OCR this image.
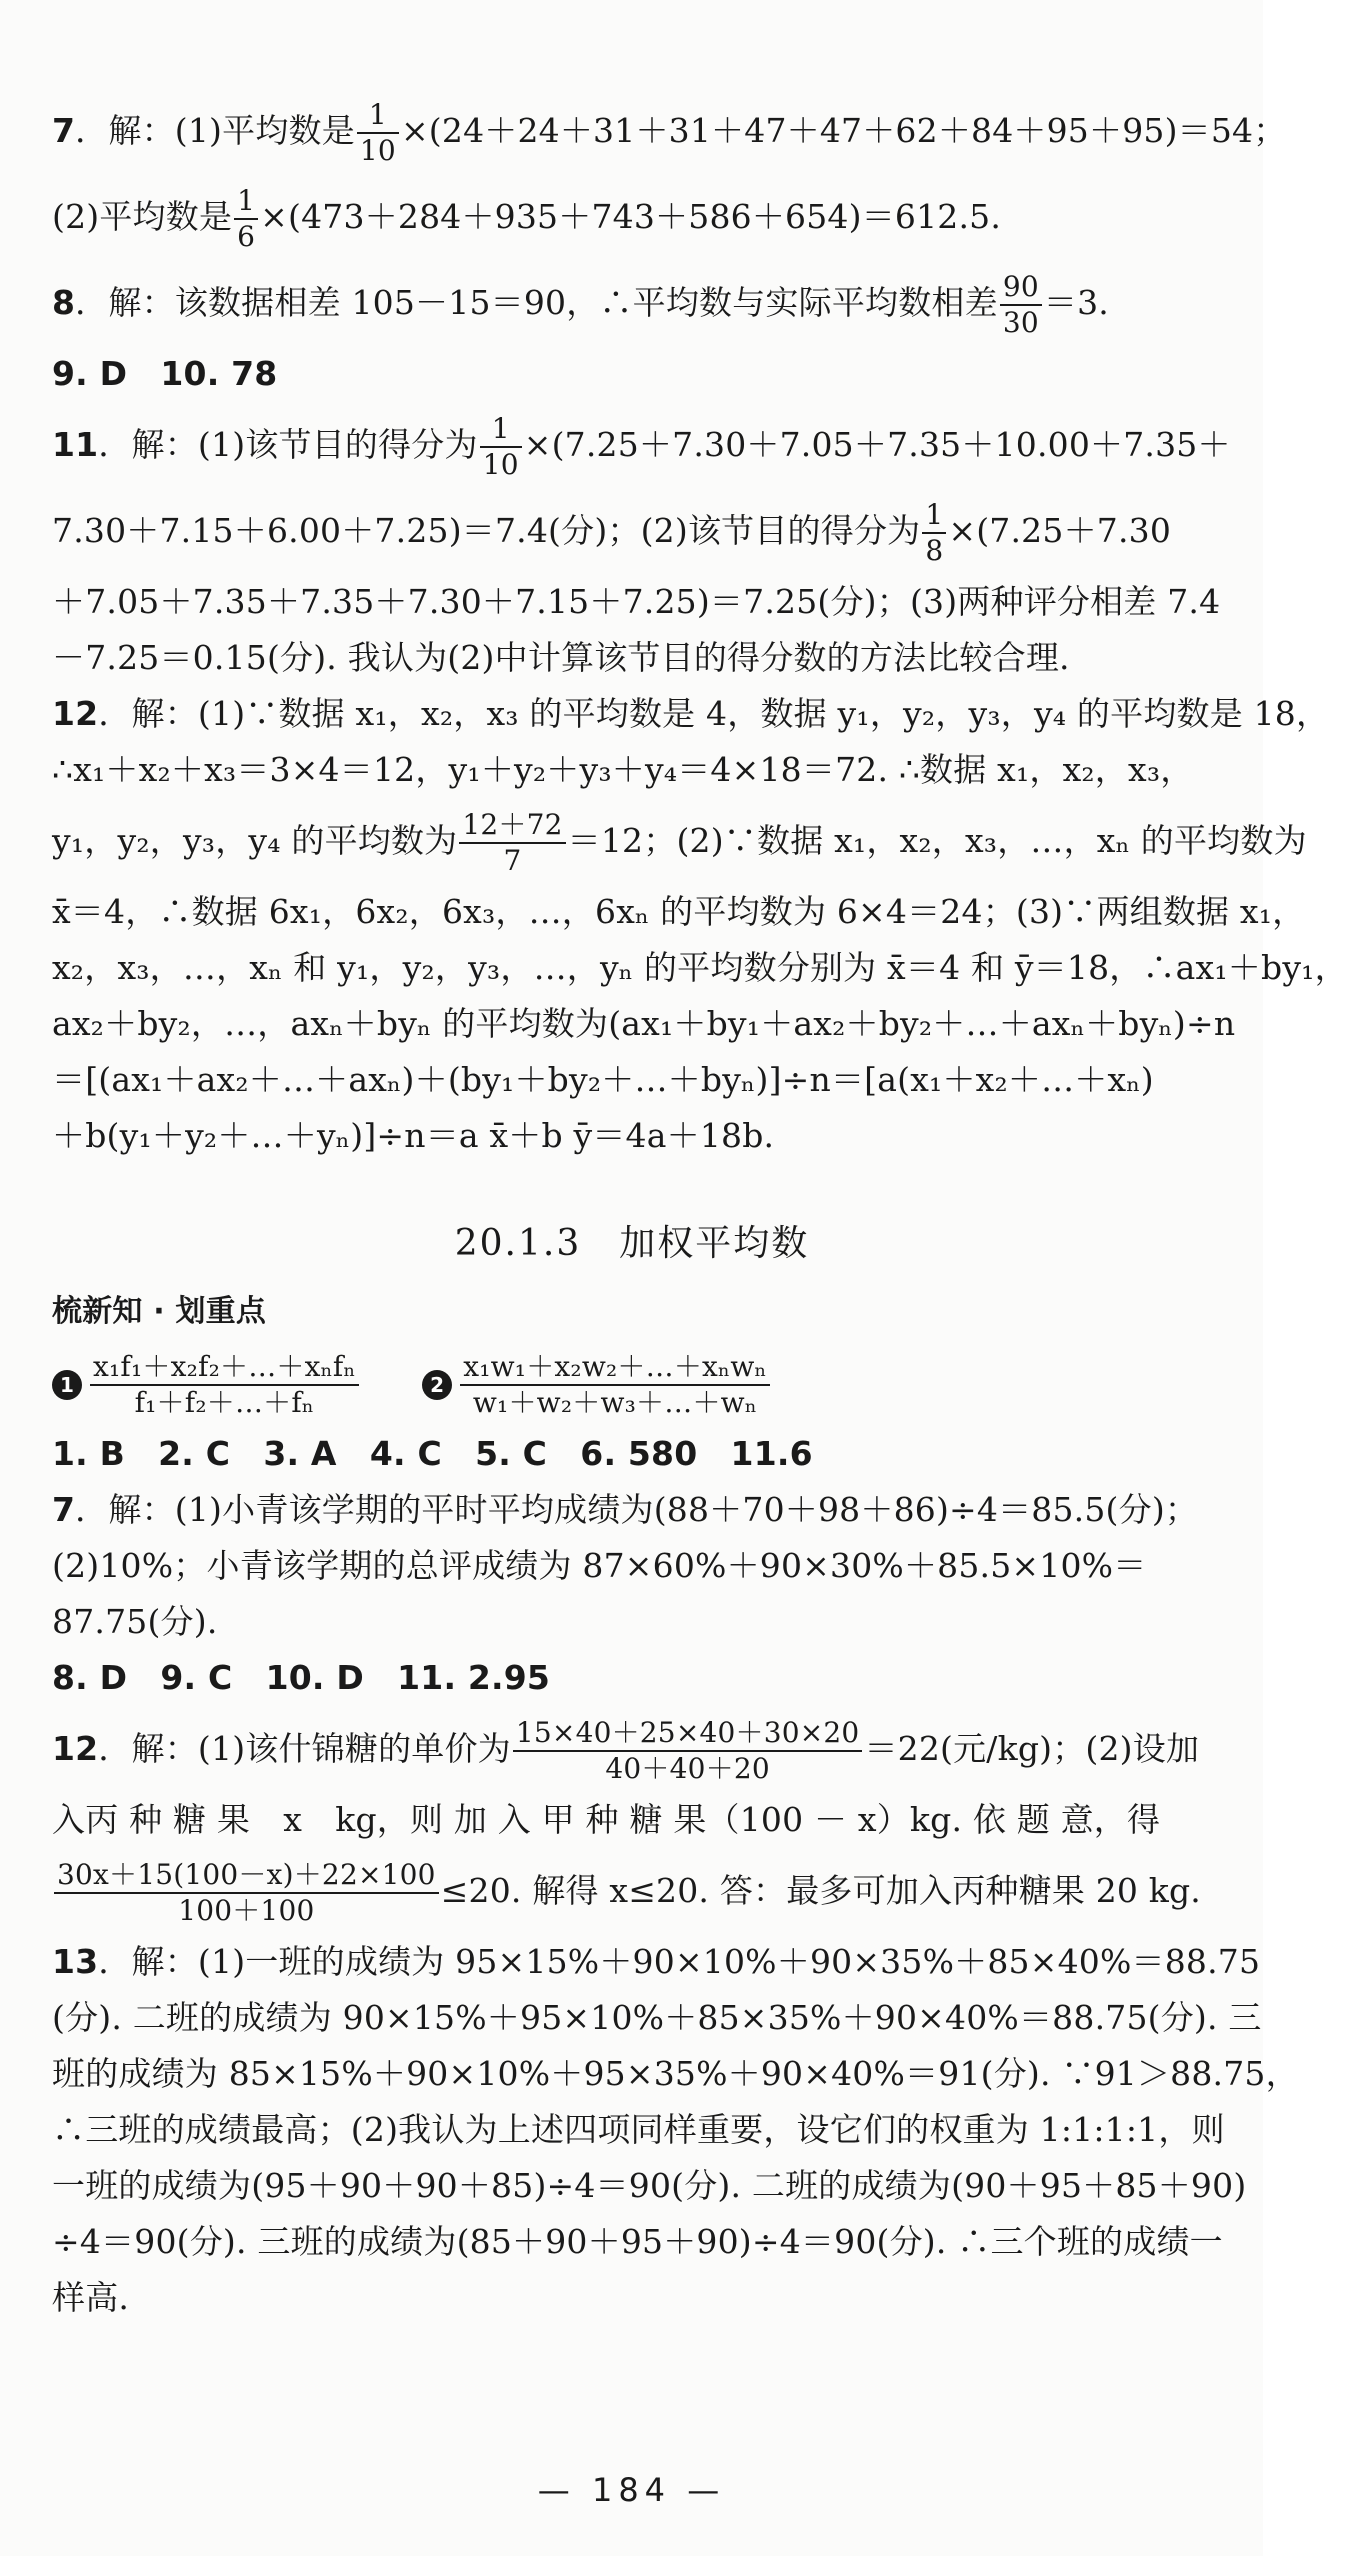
7．解：(1)平均数是 $\frac{1}{10} \times(24+24+31+31+47+47+62+84+95+95)=54$；
(2)平均数是 $\frac{1}{6} \times(473+284+935+743+586+654)=612.5$.
8．解：该数据相差 105－15＝90，∴平均数与实际平均数相差 $\frac{90}{30} =3$.
9. D　10. 78
11．解：(1)该节目的得分为 $\frac{1}{10} \times(7.25+7.30+7.05+7.35+10.00+7.35+$
7.30＋7.15＋6.00＋7.25)＝7.4(分)；(2)该节目的得分为 $\frac{1}{8} \times(7.25+7.30$
＋7.05＋7.35＋7.35＋7.30＋7.15＋7.25)＝7.25(分)；(3)两种评分相差 7.4
－7.25＝0.15(分). 我认为(2)中计算该节目的得分数的方法比较合理.
12．解：(1)∵数据 x₁，x₂，x₃ 的平均数是 4，数据 y₁，y₂，y₃，y₄ 的平均数是 18，
∴x₁＋x₂＋x₃＝3×4＝12，y₁＋y₂＋y₃＋y₄＝4×18＝72. ∴数据 x₁，x₂，x₃，
y₁，y₂，y₃，y₄ 的平均数为 $\frac{12+72}{7} =12$；(2)∵数据 x₁，x₂，x₃，…，xₙ 的平均数为
x̄＝4，∴数据 6x₁，6x₂，6x₃，…，6xₙ 的平均数为 6×4＝24；(3)∵两组数据 x₁，
x₂，x₃，…，xₙ 和 y₁，y₂，y₃，…，yₙ 的平均数分别为 x̄＝4 和 ȳ＝18，∴ax₁＋by₁，
ax₂＋by₂，…，axₙ＋byₙ 的平均数为(ax₁＋by₁＋ax₂＋by₂＋…＋axₙ＋byₙ)÷n
＝[(ax₁＋ax₂＋…＋axₙ)＋(by₁＋by₂＋…＋byₙ)]÷n＝[a(x₁＋x₂＋…＋xₙ)
＋b(y₁＋y₂＋…＋yₙ)]÷n＝a x̄＋b ȳ＝4a＋18b.
20.1.3　加权平均数
梳新知 · 划重点
$1 \frac{\text{x₁f₁＋x₂f₂＋…＋xₙfₙ}}{\text{f₁＋f₂＋…＋fₙ}}$	$2 \frac{\text{x₁w₁＋x₂w₂＋…＋xₙwₙ}}{\text{w₁＋w₂＋w₃＋…＋wₙ}}$
1. B　2. C　3. A　4. C　5. C　6. 580　11.6
7．解：(1)小青该学期的平时平均成绩为(88＋70＋98＋86)÷4＝85.5(分)；
(2)10%；小青该学期的总评成绩为 87×60%＋90×30%＋85.5×10%＝
87.75(分).
8. D　9. C　10. D　11. 2.95
12．解：(1)该什锦糖的单价为 $\frac{15\times 40+25\times 40+30\times 20}{40+40+20} =22$(元/kg)；(2)设加
入丙 种 糖 果　x　kg，则 加 入 甲 种 糖 果（100 － x）kg. 依 题 意，得
$\frac{30x+15(100-x)+22\times 100}{100+100} \le 20$. 解得 x≤20. 答：最多可加入丙种糖果 20 kg.
13．解：(1)一班的成绩为 95×15%＋90×10%＋90×35%＋85×40%＝88.75
(分). 二班的成绩为 90×15%＋95×10%＋85×35%＋90×40%＝88.75(分). 三
班的成绩为 85×15%＋90×10%＋95×35%＋90×40%＝91(分). ∵91＞88.75，
∴三班的成绩最高；(2)我认为上述四项同样重要，设它们的权重为 1:1:1:1，则
一班的成绩为(95＋90＋90＋85)÷4＝90(分). 二班的成绩为(90＋95＋85＋90)
÷4＝90(分). 三班的成绩为(85＋90＋95＋90)÷4＝90(分). ∴三个班的成绩一
样高.
— 184 —
